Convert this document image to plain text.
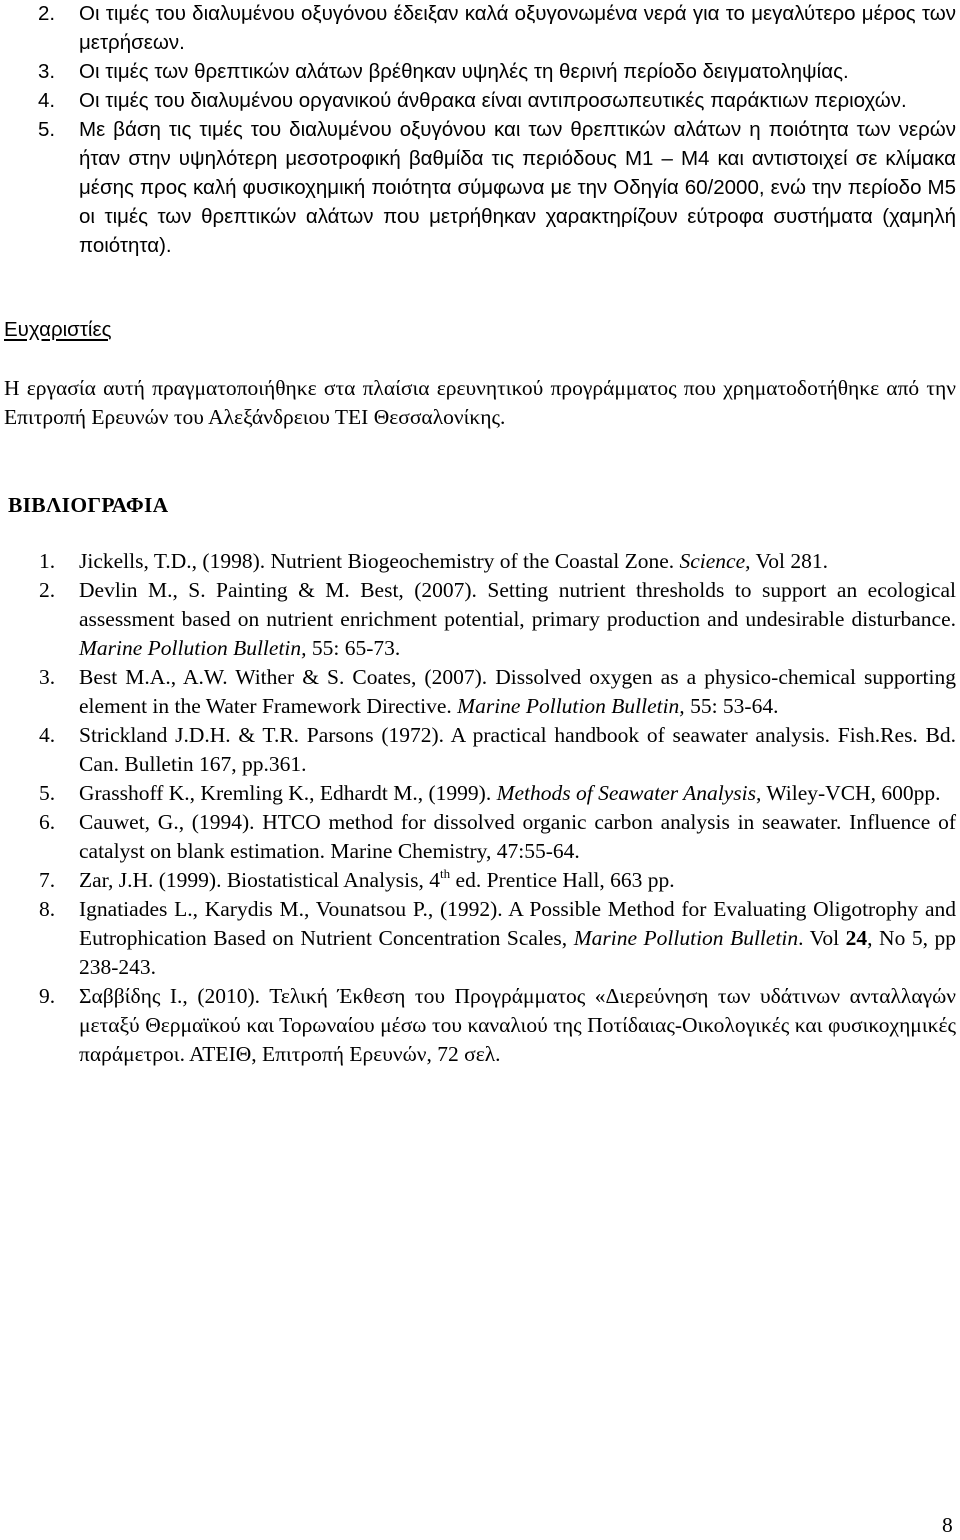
2. Οι τιμές του διαλυμένου οξυγόνου έδειξαν καλά οξυγονωμένα νερά για το μεγαλύτερο μέρος των μετρήσεων.
3. Οι τιμές των θρεπτικών αλάτων βρέθηκαν υψηλές τη θερινή περίοδο δειγματοληψίας.
4. Οι τιμές του διαλυμένου οργανικού άνθρακα είναι αντιπροσωπευτικές παράκτιων περιοχών.
5. Με βάση τις τιμές του διαλυμένου οξυγόνου και των θρεπτικών αλάτων η ποιότητα των νερών ήταν στην υψηλότερη μεσοτροφική βαθμίδα τις περιόδους Μ1 – Μ4 και αντιστοιχεί σε κλίμακα μέσης προς καλή φυσικοχημική ποιότητα σύμφωνα με την Οδηγία 60/2000, ενώ την περίοδο Μ5 οι τιμές των θρεπτικών αλάτων που μετρήθηκαν χαρακτηρίζουν εύτροφα συστήματα (χαμηλή ποιότητα).
Ευχαριστίες
Η εργασία αυτή πραγματοποιήθηκε στα πλαίσια ερευνητικού προγράμματος που χρηματοδοτήθηκε από την Επιτροπή Ερευνών του Αλεξάνδρειου ΤΕΙ Θεσσαλονίκης.
ΒΙΒΛΙΟΓΡΑΦΙΑ
1. Jickells, T.D., (1998). Nutrient Biogeochemistry of the Coastal Zone. Science, Vol 281.
2. Devlin M., S. Painting & M. Best, (2007). Setting nutrient thresholds to support an ecological assessment based on nutrient enrichment potential, primary production and undesirable disturbance. Marine Pollution Bulletin, 55: 65-73.
3. Best M.A., A.W. Wither & S. Coates, (2007). Dissolved oxygen as a physico-chemical supporting element in the Water Framework Directive. Marine Pollution Bulletin, 55: 53-64.
4. Strickland J.D.H. & T.R. Parsons (1972). A practical handbook of seawater analysis. Fish.Res. Bd. Can. Bulletin 167, pp.361.
5. Grasshoff K., Kremling K., Edhardt M., (1999). Methods of Seawater Analysis, Wiley-VCH, 600pp.
6. Cauwet, G., (1994). HTCO method for dissolved organic carbon analysis in seawater. Influence of catalyst on blank estimation. Marine Chemistry, 47:55-64.
7. Zar, J.H. (1999). Biostatistical Analysis, 4th ed. Prentice Hall, 663 pp.
8. Ignatiades L., Karydis M., Vounatsou P., (1992). A Possible Method for Evaluating Oligotrophy and Eutrophication Based on Nutrient Concentration Scales, Marine Pollution Bulletin. Vol 24, No 5, pp 238-243.
9. Σαββίδης Ι., (2010). Τελική Έκθεση του Προγράμματος «Διερεύνηση των υδάτινων ανταλλαγών μεταξύ Θερμαϊκού και Τορωναίου μέσω του καναλιού της Ποτίδαιας-Οικολογικές και φυσικοχημικές παράμετροι. ΑΤΕΙΘ, Επιτροπή Ερευνών, 72 σελ.
8
